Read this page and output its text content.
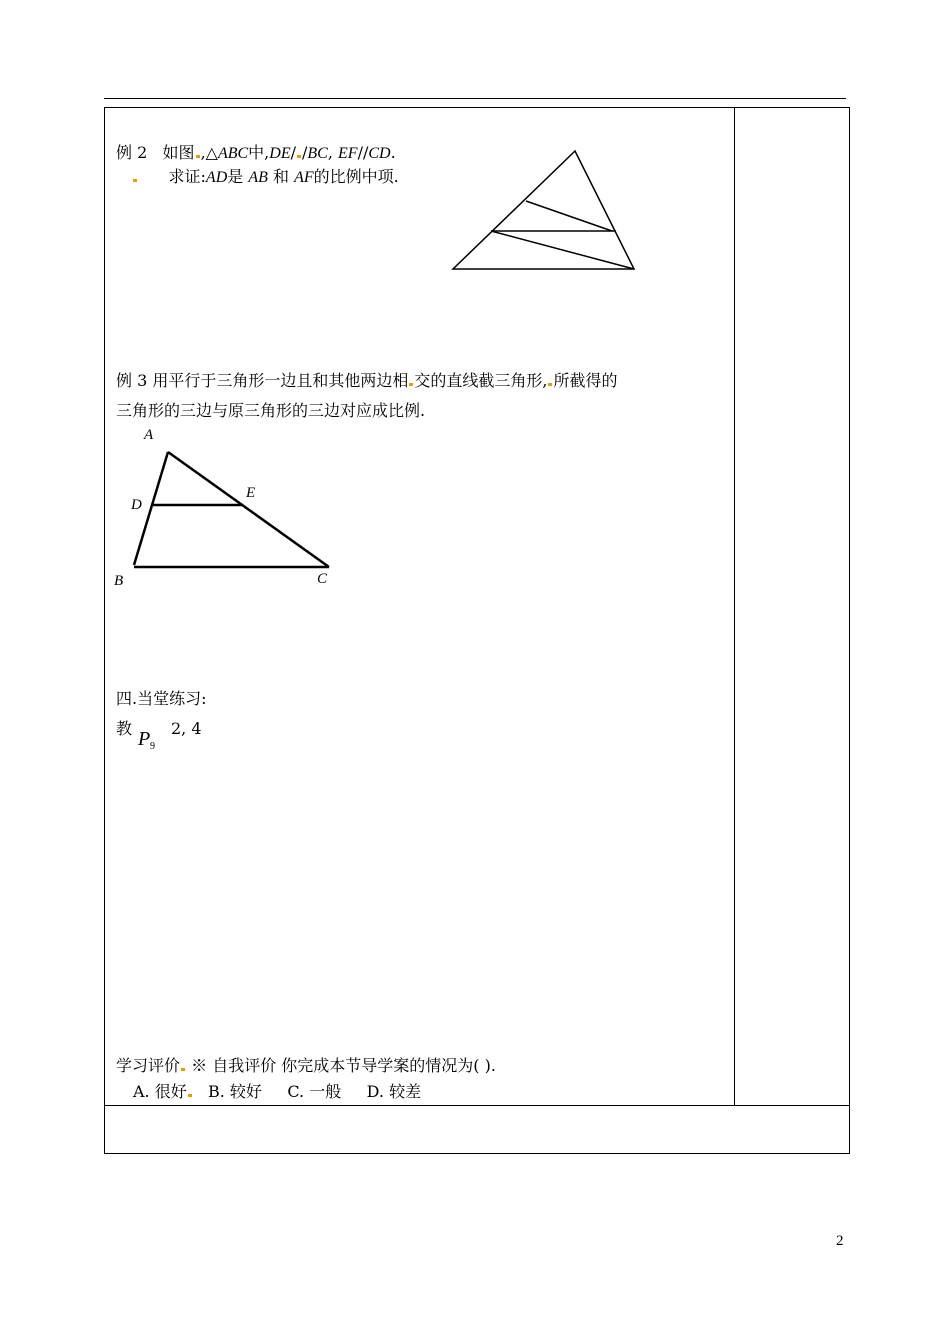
例 2 如图 ,△ABC中,DE/ /BC, EF//CD.
求证:AD是 AB 和 AF的比例中项.
例 3 用平行于三角形一边且和其他两边相 交的直线截三角形, 所截得的
三角形的三边与原三角形的三边对应成比例.
A
D
E
B	C
四.当堂练习:
教 P 9
2, 4
学习评价 ※ 自我评价 你完成本节导学案的情况为( ).
A. 很好 B. 较好 C. 一般 D. 较差
2
